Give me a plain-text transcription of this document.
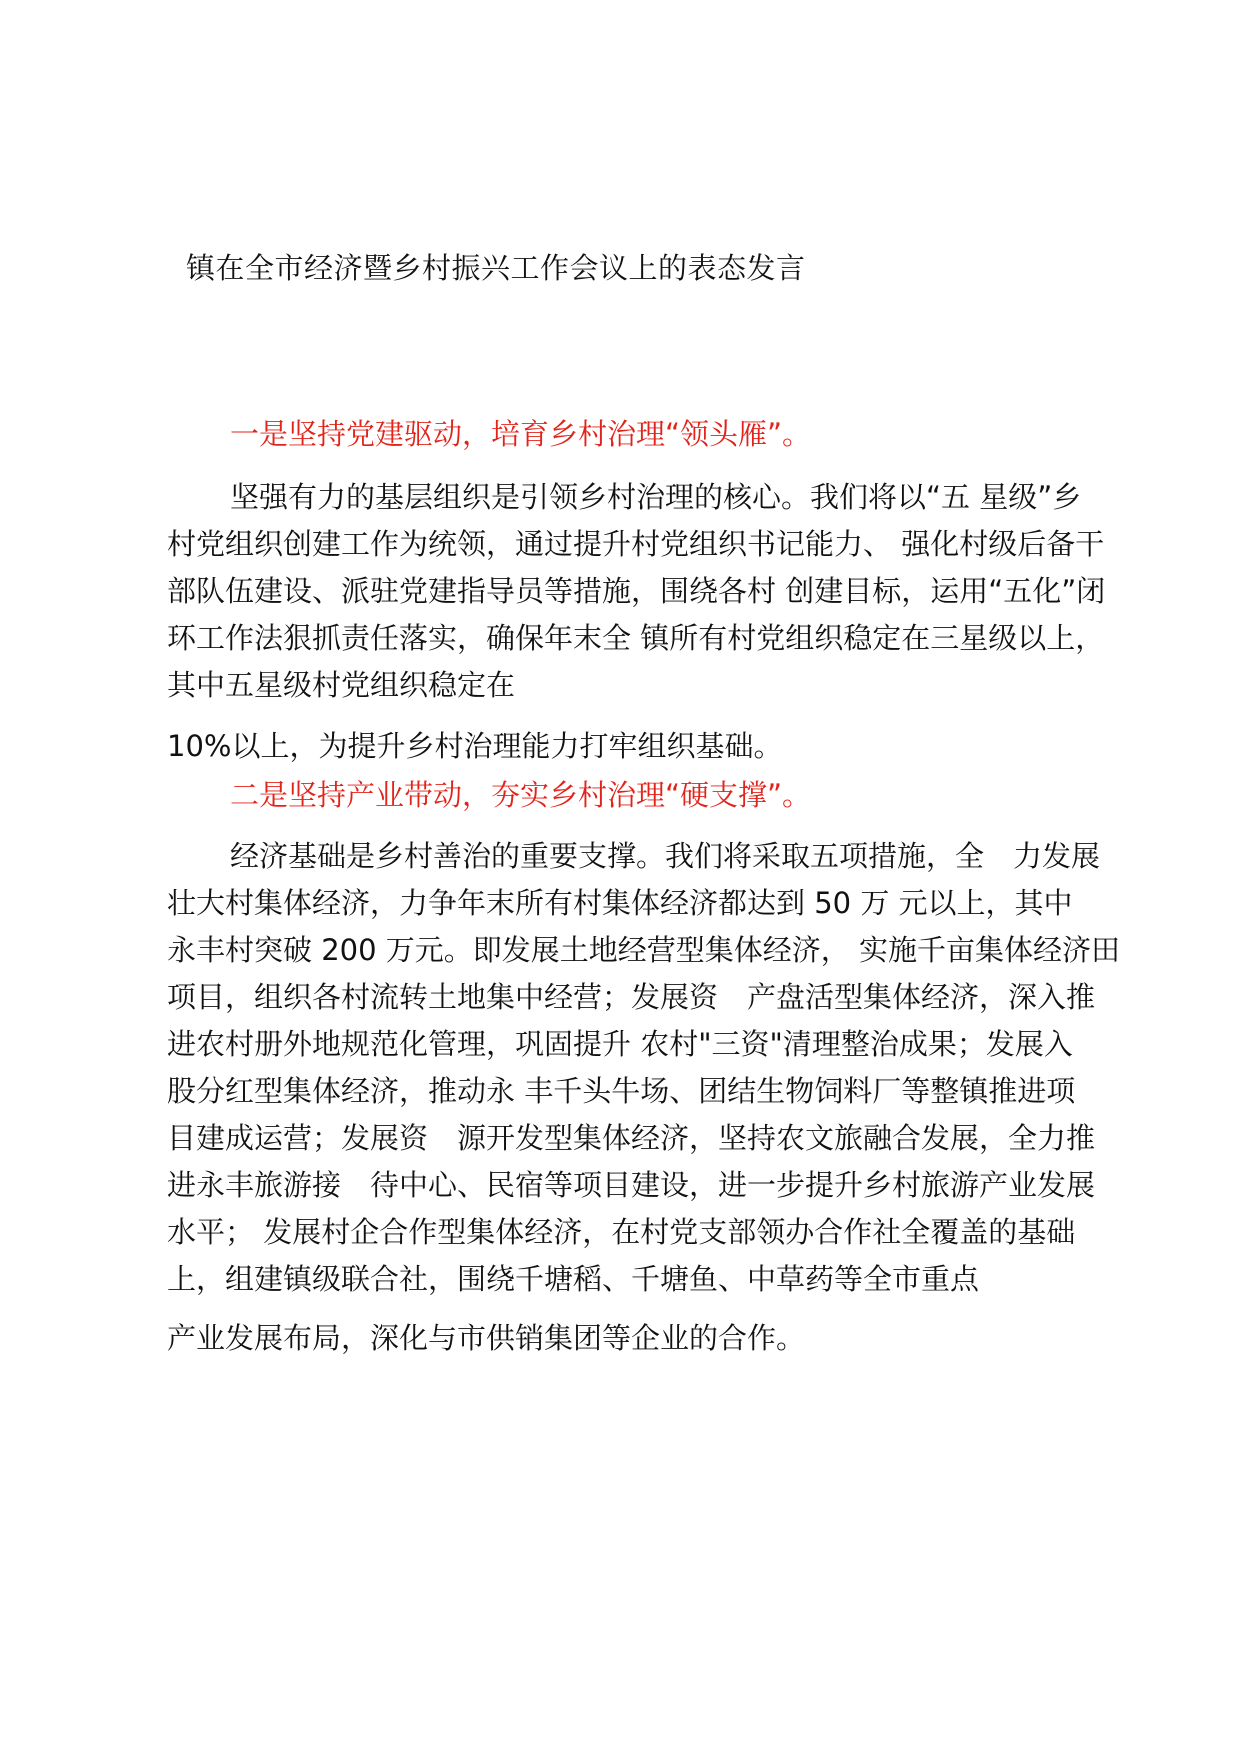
镇在全市经济暨乡村振兴工作会议上的表态发言
一是坚持党建驱动，培育乡村治理“领头雁”。
坚强有力的基层组织是引领乡村治理的核心。我们将以“五 星级”乡
村党组织创建工作为统领，通过提升村党组织书记能力、 强化村级后备干
部队伍建设、派驻党建指导员等措施，围绕各村 创建目标，运用“五化”闭
环工作法狠抓责任落实，确保年末全 镇所有村党组织稳定在三星级以上，
其中五星级村党组织稳定在
10%以上，为提升乡村治理能力打牢组织基础。
二是坚持产业带动，夯实乡村治理“硬支撑”。
经济基础是乡村善治的重要支撑。我们将采取五项措施，全　力发展
壮大村集体经济，力争年末所有村集体经济都达到 50 万 元以上，其中
永丰村突破 200 万元。即发展土地经营型集体经济， 实施千亩集体经济田
项目，组织各村流转土地集中经营；发展资　产盘活型集体经济，深入推
进农村册外地规范化管理，巩固提升 农村"三资"清理整治成果；发展入
股分红型集体经济，推动永 丰千头牛场、团结生物饲料厂等整镇推进项
目建成运营；发展资　源开发型集体经济，坚持农文旅融合发展，全力推
进永丰旅游接　待中心、民宿等项目建设，进一步提升乡村旅游产业发展
水平； 发展村企合作型集体经济，在村党支部领办合作社全覆盖的基础
上，组建镇级联合社，围绕千塘稻、千塘鱼、中草药等全市重点
产业发展布局，深化与市供销集团等企业的合作。
